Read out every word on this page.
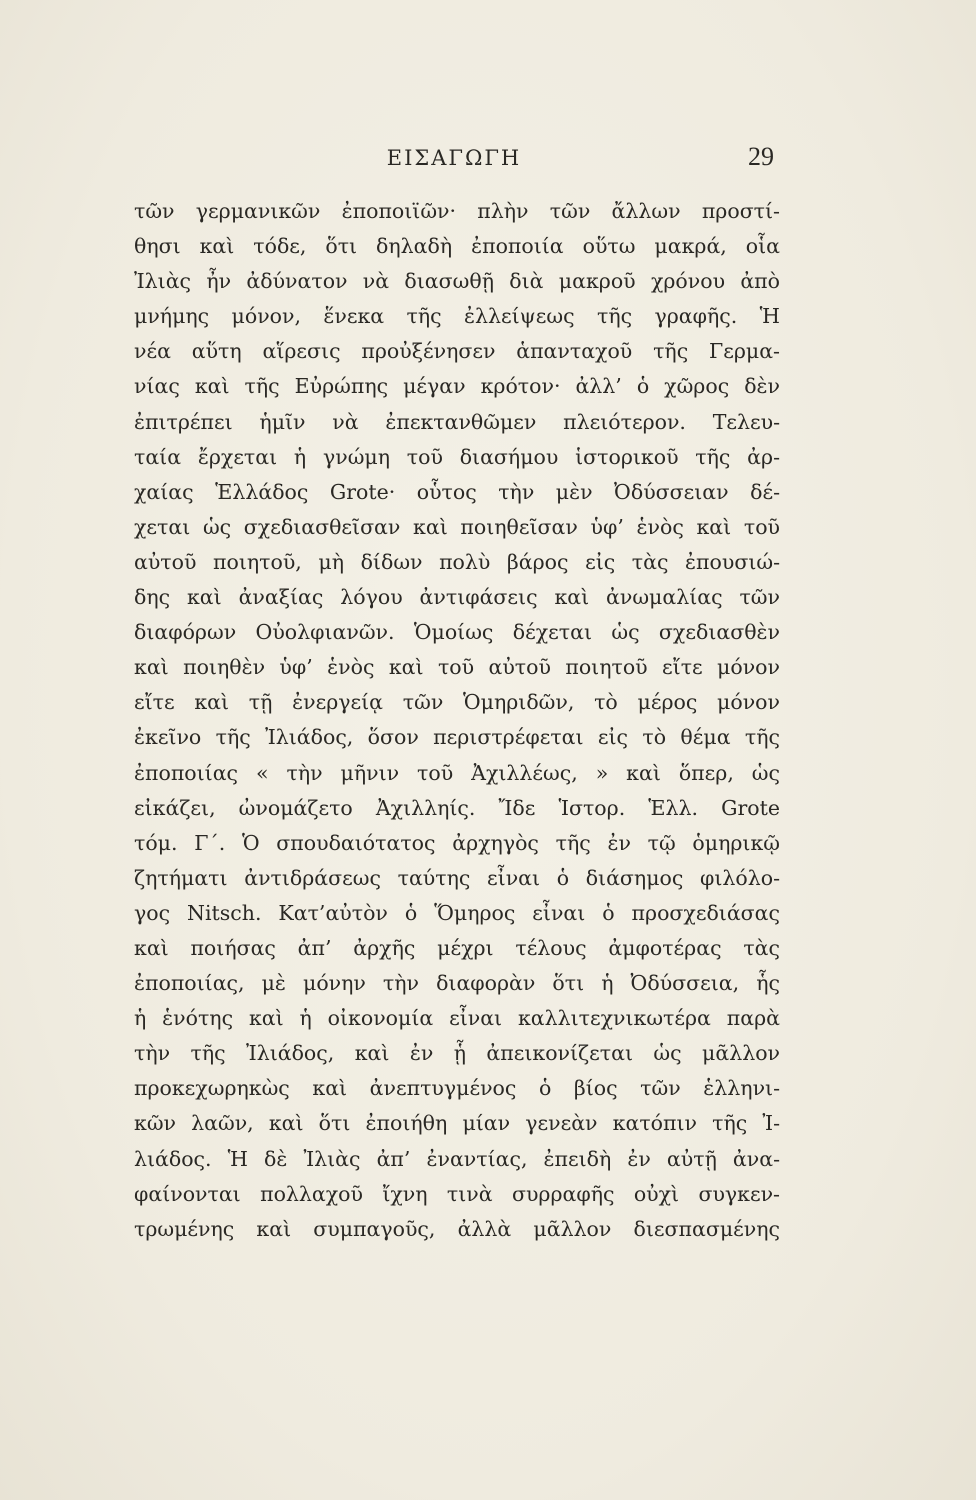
ΕΙΣΑΓΩΓΗ	29
τῶν γερμανικῶν ἐποποιϊῶν· πλὴν τῶν ἄλλων προστί-
θησι καὶ τόδε, ὅτι δηλαδὴ ἐποποιία οὕτω μακρά, οἷα
Ἰλιὰς ἦν ἀδύνατον νὰ διασωθῇ διὰ μακροῦ χρόνου ἀπὸ
μνήμης μόνον, ἕνεκα τῆς ἐλλείψεως τῆς γραφῆς. Ἡ
νέα αὕτη αἵρεσις προὐξένησεν ἁπανταχοῦ τῆς Γερμα-
νίας καὶ τῆς Εὐρώπης μέγαν κρότον· ἀλλ’ ὁ χῶρος δὲν
ἐπιτρέπει ἡμῖν νὰ ἐπεκτανθῶμεν πλειότερον. Τελευ-
ταία ἔρχεται ἡ γνώμη τοῦ διασήμου ἱστορικοῦ τῆς ἀρ-
χαίας Ἑλλάδος Grote· οὗτος τὴν μὲν Ὀδύσσειαν δέ-
χεται ὡς σχεδιασθεῖσαν καὶ ποιηθεῖσαν ὑφ’ ἑνὸς καὶ τοῦ
αὐτοῦ ποιητοῦ, μὴ δίδων πολὺ βάρος εἰς τὰς ἐπουσιώ-
δης καὶ ἀναξίας λόγου ἀντιφάσεις καὶ ἀνωμαλίας τῶν
διαφόρων Οὐολφιανῶν. Ὁμοίως δέχεται ὡς σχεδιασθὲν
καὶ ποιηθὲν ὑφ’ ἑνὸς καὶ τοῦ αὐτοῦ ποιητοῦ εἴτε μόνον
εἴτε καὶ τῇ ἐνεργείᾳ τῶν Ὁμηριδῶν, τὸ μέρος μόνον
ἐκεῖνο τῆς Ἰλιάδος, ὅσον περιστρέφεται εἰς τὸ θέμα τῆς
ἐποποιίας « τὴν μῆνιν τοῦ Ἀχιλλέως, » καὶ ὅπερ, ὡς
εἰκάζει, ὠνομάζετο Ἀχιλληίς. Ἴδε Ἱστορ. Ἑλλ. Grote
τόμ. Γ΄. Ὁ σπουδαιότατος ἀρχηγὸς τῆς ἐν τῷ ὁμηρικῷ
ζητήματι ἀντιδράσεως ταύτης εἶναι ὁ διάσημος φιλόλο-
γος Nitsch. Κατ’αὐτὸν ὁ Ὅμηρος εἶναι ὁ προσχεδιάσας
καὶ ποιήσας ἀπ’ ἀρχῆς μέχρι τέλους ἀμφοτέρας τὰς
ἐποποιίας, μὲ μόνην τὴν διαφορὰν ὅτι ἡ Ὀδύσσεια, ἧς
ἡ ἑνότης καὶ ἡ οἰκονομία εἶναι καλλιτεχνικωτέρα παρὰ
τὴν τῆς Ἰλιάδος, καὶ ἐν ᾗ ἀπεικονίζεται ὡς μᾶλλον
προκεχωρηκὼς καὶ ἀνεπτυγμένος ὁ βίος τῶν ἑλληνι-
κῶν λαῶν, καὶ ὅτι ἐποιήθη μίαν γενεὰν κατόπιν τῆς Ἰ-
λιάδος. Ἡ δὲ Ἰλιὰς ἀπ’ ἐναντίας, ἐπειδὴ ἐν αὐτῇ ἀνα-
φαίνονται πολλαχοῦ ἴχνη τινὰ συρραφῆς οὐχὶ συγκεν-
τρωμένης καὶ συμπαγοῦς, ἀλλὰ μᾶλλον διεσπασμένης
